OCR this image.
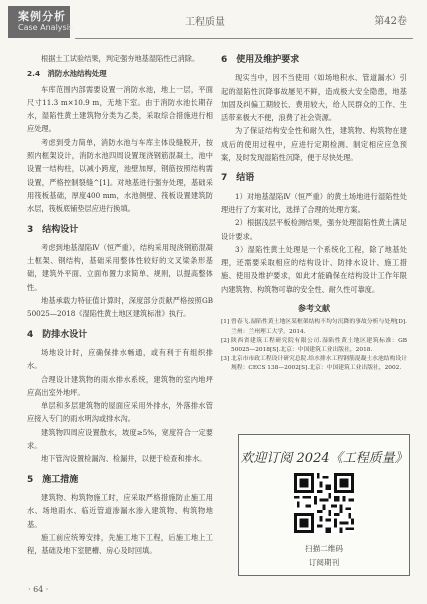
案例分析
Case Analysis	工程质量	第42卷

根据土工试验结果，判定强夯地基湿陷性已消除。

2.4　消防水池结构处理

车库范围内部需要设置一消防水池，地上一层，平面尺寸11.3 m×10.9 m，无地下室。由于消防水池长期存水，湿陷性黄土建筑物分类为乙类，采取综合措施进行相应处理。

考虑到受力简单，消防水池与车库主体设缝脱开，按照内框架设计，消防水池四周设置现浇钢筋混凝土，池中设置一结构柱，以减小跨度，池壁加厚，钢筋按照结构需设置，严格控制裂缝^[1]。对地基进行强夯处理，基础采用筏板基础，厚度400 mm，水池侧壁、筏板设置建筑防水层，筏板底铺垫层应进行换填。

3　结构设计

考虑到地基湿陷Ⅳ（恒严重），结构采用现浇钢筋混凝土框架、钢结构，基础采用整体性较好的文叉梁条形基础，建筑外平面、立面布置力求简单、规则，以提高整体性。

地基承载力特征值计算时，深度部分贡献严格按照GB 50025—2018《湿陷性黄土地区建筑标准》执行。

4　防排水设计

场地设计时，应确保排水畅通，或有利于有组织排水。

合理设计建筑物的雨水排水系统，建筑物的室内地坪应高出室外地坪。

单层和多层建筑物的屋面应采用外排水，外落排水管应接入专门的雨水明沟或排水沟。

建筑物四周应设置散水，坡度≥5%，宽度符合一定要求。

地下管沟设置检漏沟、检漏井，以便于检查和排水。

5　施工措施

建筑物、构筑物施工时，应采取严格措施防止施工用水、场地雨水、临近管道渗漏水渗入建筑物、构筑物地基。

施工前应统筹安排，先施工地下工程，后施工地上工程，基础及地下室肥槽、房心及时回填。

6　使用及维护要求

现实当中，因不当使用（如场地积水、管道漏水）引起的湿陷性沉降事故屡见不鲜，造成极大安全隐患，地基加固及纠偏工期较长、费用较大，给人民群众的工作、生活带来极大不便，浪费了社会资源。

为了保证结构安全性和耐久性，建筑物、构筑物在建成后的使用过程中，应进行定期检测、制定相应应急预案，及时发现湿陷性沉降，便于尽快处理。

7　结语

1）对地基湿陷Ⅳ（恒严重）的黄土场地进行湿陷性处理进行了方案对比，选择了合理的处理方案。

2）根据浅层平板检测结果，强夯处理湿陷性黄土满足设计要求。

3）湿陷性黄土处理是一个系统化工程，除了地基处理，还需要采取相应的结构设计、防排水设计、施工措施、使用及维护要求，如此才能确保在结构设计工作年限内建筑物、构筑物可靠的安全性、耐久性可靠度。

参考文献

[1] 曾春飞.湿陷性黄土地区某框架结构不均匀沉降的事故分析与处理[D].兰州：兰州理工大学，2014.

[2] 陕西省建筑工程研究院有限公司.湿陷性黄土地区建筑标准：GB 50025—2018[S].北京：中国建筑工业出版社，2018.

[3] 北京市市政工程设计研究总院.给水排水工程钢筋混凝土水池结构设计规程：CECS 138—2002[S].北京：中国建筑工业出版社，2002.

欢迎订阅 2024《工程质量》
扫描二维码
订阅期刊
· 64 ·
